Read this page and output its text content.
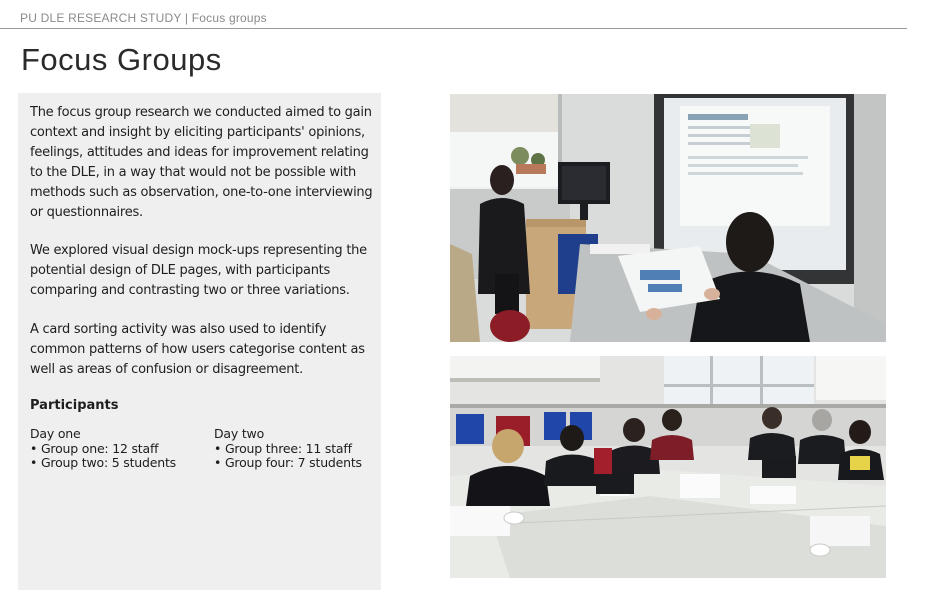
PU DLE RESEARCH STUDY | Focus groups
Focus Groups

The focus group research we conducted aimed to gain context and insight by eliciting participants' opinions, feelings, attitudes and ideas for improvement relating to the DLE, in a way that would not be possible with methods such as observation, one-to-one interviewing or questionnaires.

We explored visual design mock-ups representing the potential design of DLE pages, with participants comparing and contrasting two or three variations.

A card sorting activity was also used to identify common patterns of how users categorise content as well as areas of confusion or disagreement.

Participants
Day one
• Group one: 12 staff
• Group two: 5 students
Day two
• Group three: 11 staff
• Group four: 7 students
